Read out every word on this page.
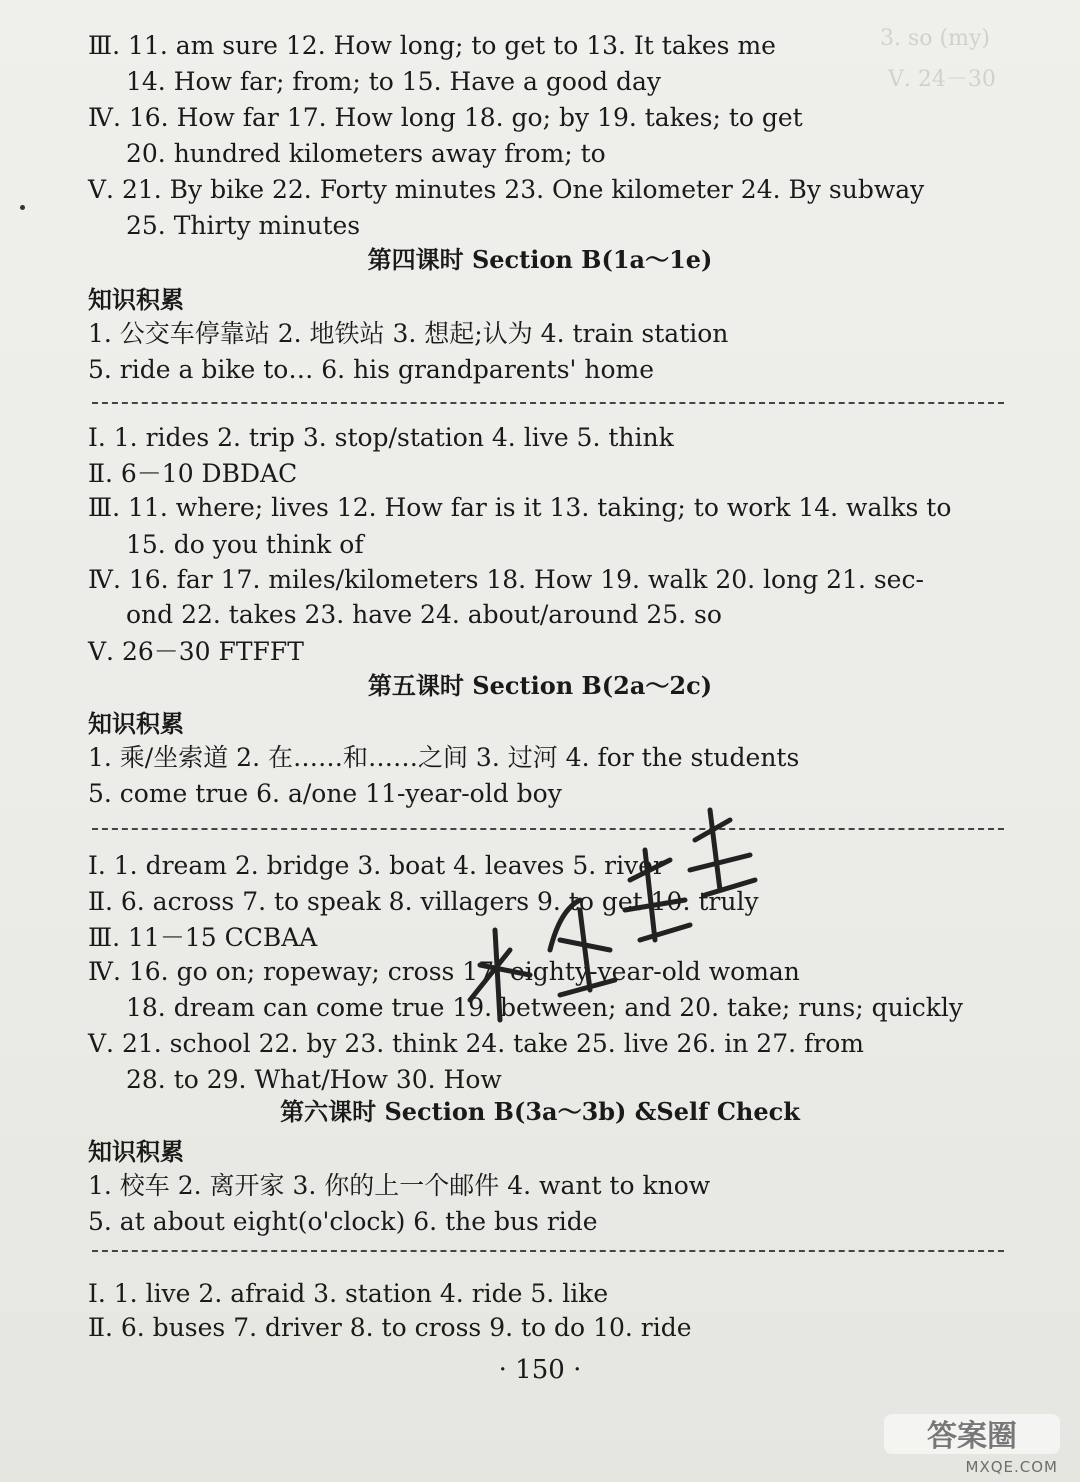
3. so (my)
Ⅴ. 24－30
Ⅲ. 11. am sure 12. How long; to get to 13. It takes me
14. How far; from; to 15. Have a good day
Ⅳ. 16. How far 17. How long 18. go; by 19. takes; to get
20. hundred kilometers away from; to
Ⅴ. 21. By bike 22. Forty minutes 23. One kilometer 24. By subway
25. Thirty minutes
第四课时 Section B(1a～1e)
知识积累
1. 公交车停靠站 2. 地铁站 3. 想起;认为 4. train station
5. ride a bike to… 6. his grandparents' home
Ⅰ. 1. rides 2. trip 3. stop/station 4. live 5. think
Ⅱ. 6－10 DBDAC
Ⅲ. 11. where; lives 12. How far is it 13. taking; to work 14. walks to
15. do you think of
Ⅳ. 16. far 17. miles/kilometers 18. How 19. walk 20. long 21. sec-
ond 22. takes 23. have 24. about/around 25. so
Ⅴ. 26－30 FTFFT
第五课时 Section B(2a～2c)
知识积累
1. 乘/坐索道 2. 在……和……之间 3. 过河 4. for the students
5. come true 6. a/one 11-year-old boy
Ⅰ. 1. dream 2. bridge 3. boat 4. leaves 5. river
Ⅱ. 6. across 7. to speak 8. villagers 9. to get 10. truly
Ⅲ. 11－15 CCBAA
Ⅳ. 16. go on; ropeway; cross 17. eighty-year-old woman
18. dream can come true 19. between; and 20. take; runs; quickly
Ⅴ. 21. school 22. by 23. think 24. take 25. live 26. in 27. from
28. to 29. What/How 30. How
第六课时 Section B(3a～3b) &Self Check
知识积累
1. 校车 2. 离开家 3. 你的上一个邮件 4. want to know
5. at about eight(o'clock) 6. the bus ride
Ⅰ. 1. live 2. afraid 3. station 4. ride 5. like
Ⅱ. 6. buses 7. driver 8. to cross 9. to do 10. ride
· 150 ·
答案圈
MXQE.COM
